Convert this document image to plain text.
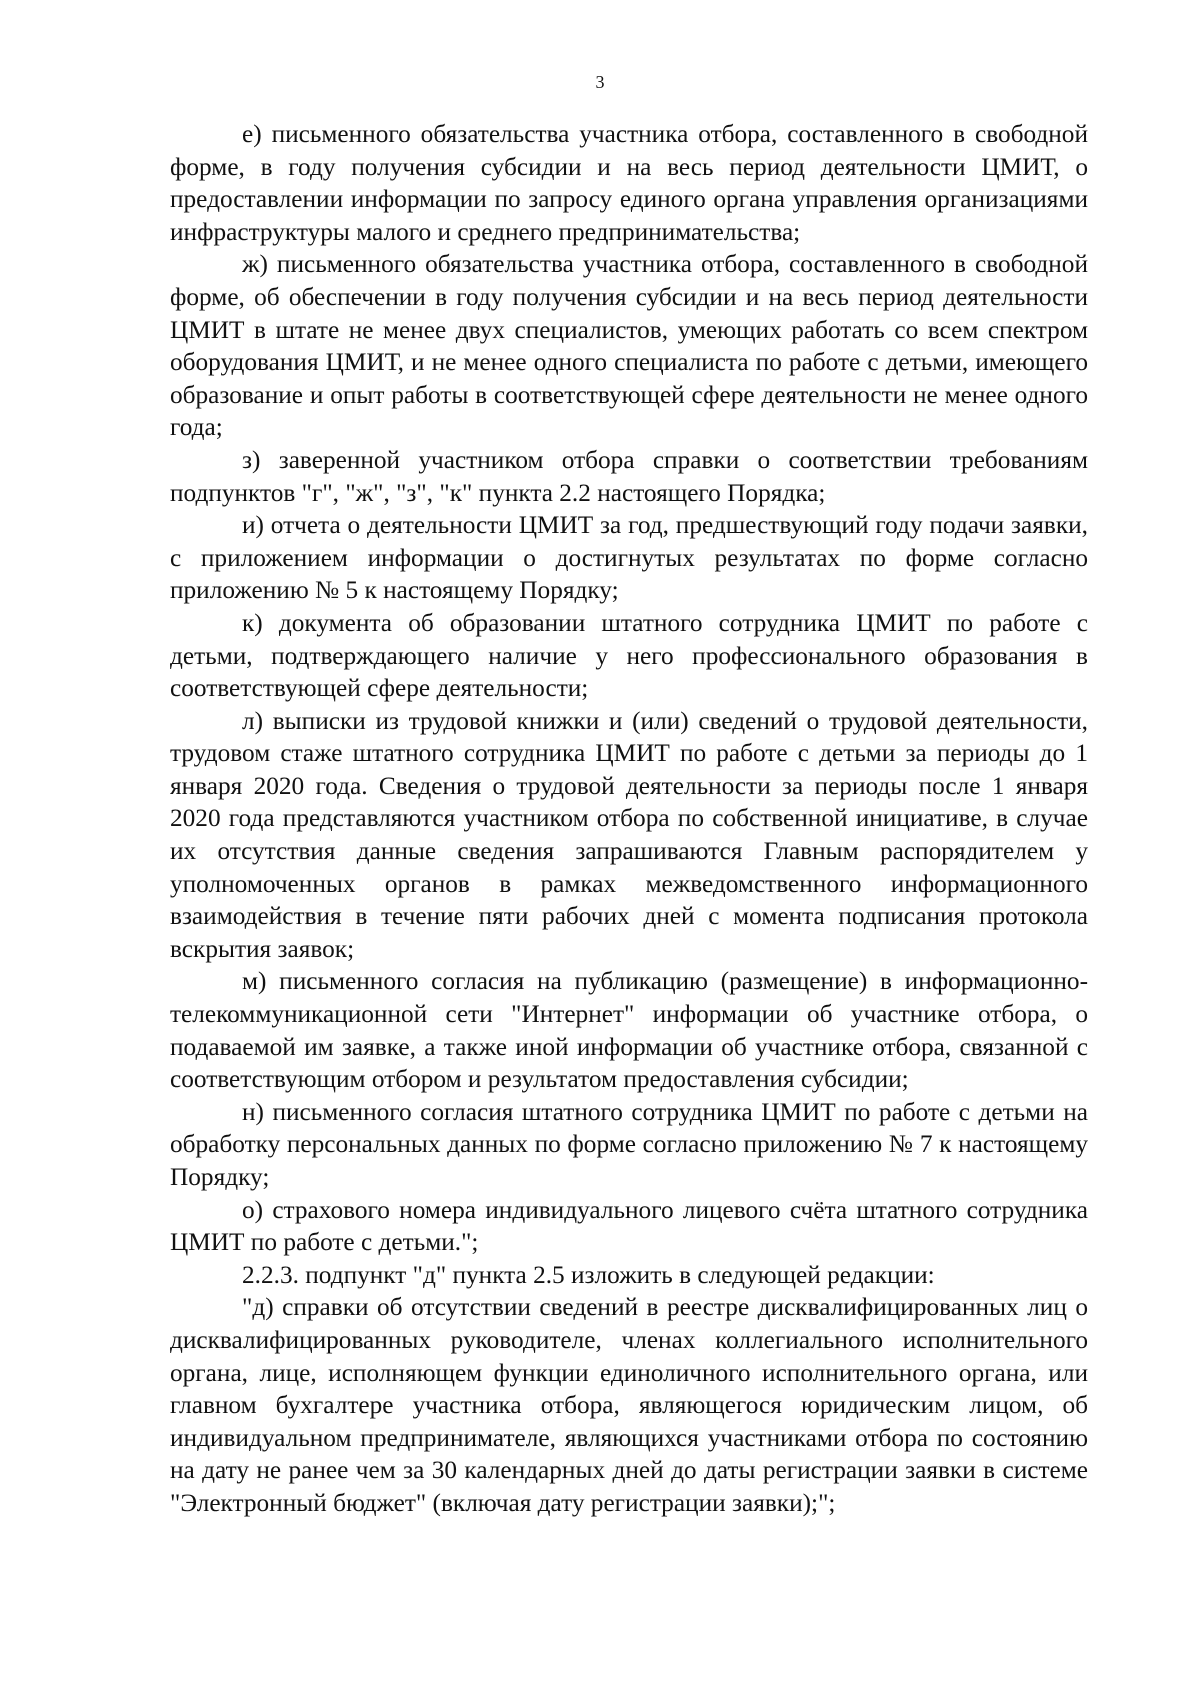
3

е) письменного обязательства участника отбора, составленного в свободной форме, в году получения субсидии и на весь период деятельности ЦМИТ, о предоставлении информации по запросу единого органа управления организациями инфраструктуры малого и среднего предпринимательства;

ж) письменного обязательства участника отбора, составленного в свободной форме, об обеспечении в году получения субсидии и на весь период деятельности ЦМИТ в штате не менее двух специалистов, умеющих работать со всем спектром оборудования ЦМИТ, и не менее одного специалиста по работе с детьми, имеющего образование и опыт работы в соответствующей сфере деятельности не менее одного года;

з) заверенной участником отбора справки о соответствии требованиям подпунктов "г", "ж", "з", "к" пункта 2.2 настоящего Порядка;

и) отчета о деятельности ЦМИТ за год, предшествующий году подачи заявки, с приложением информации о достигнутых результатах по форме согласно приложению № 5 к настоящему Порядку;

к) документа об образовании штатного сотрудника ЦМИТ по работе с детьми, подтверждающего наличие у него профессионального образования в соответствующей сфере деятельности;

л) выписки из трудовой книжки и (или) сведений о трудовой деятельности, трудовом стаже штатного сотрудника ЦМИТ по работе с детьми за периоды до 1 января 2020 года. Сведения о трудовой деятельности за периоды после 1 января 2020 года представляются участником отбора по собственной инициативе, в случае их отсутствия данные сведения запрашиваются Главным распорядителем у уполномоченных органов в рамках межведомственного информационного взаимодействия в течение пяти рабочих дней с момента подписания протокола вскрытия заявок;

м) письменного согласия на публикацию (размещение) в информационно-телекоммуникационной сети "Интернет" информации об участнике отбора, о подаваемой им заявке, а также иной информации об участнике отбора, связанной с соответствующим отбором и результатом предоставления субсидии;

н) письменного согласия штатного сотрудника ЦМИТ по работе с детьми на обработку персональных данных по форме согласно приложению № 7 к настоящему Порядку;

о) страхового номера индивидуального лицевого счёта штатного сотрудника ЦМИТ по работе с детьми.";

2.2.3. подпункт "д" пункта 2.5 изложить в следующей редакции:

"д) справки об отсутствии сведений в реестре дисквалифицированных лиц о дисквалифицированных руководителе, членах коллегиального исполнительного органа, лице, исполняющем функции единоличного исполнительного органа, или главном бухгалтере участника отбора, являющегося юридическим лицом, об индивидуальном предпринимателе, являющихся участниками отбора по состоянию на дату не ранее чем за 30 календарных дней до даты регистрации заявки в системе "Электронный бюджет" (включая дату регистрации заявки);";
